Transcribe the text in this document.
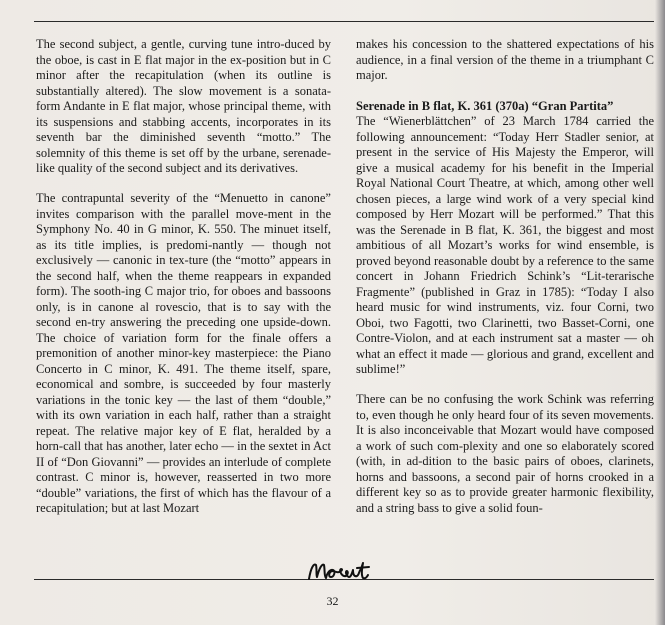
The second subject, a gentle, curving tune intro-duced by the oboe, is cast in E flat major in the ex-position but in C minor after the recapitulation (when its outline is substantially altered). The slow movement is a sonata-form Andante in E flat major, whose principal theme, with its suspensions and stabbing accents, incorporates in its seventh bar the diminished seventh “motto.” The solemnity of this theme is set off by the urbane, serenade-like quality of the second subject and its derivatives.

The contrapuntal severity of the “Menuetto in canone” invites comparison with the parallel move-ment in the Symphony No. 40 in G minor, K. 550. The minuet itself, as its title implies, is predomi-nantly — though not exclusively — canonic in tex-ture (the “motto” appears in the second half, when the theme reappears in expanded form). The sooth-ing C major trio, for oboes and bassoons only, is in canone al rovescio, that is to say with the second en-try answering the preceding one upside-down. The choice of variation form for the finale offers a premonition of another minor-key masterpiece: the Piano Concerto in C minor, K. 491. The theme itself, spare, economical and sombre, is succeeded by four masterly variations in the tonic key — the last of them “double,” with its own variation in each half, rather than a straight repeat. The relative major key of E flat, heralded by a horn-call that has another, later echo — in the sextet in Act II of “Don Giovanni” — provides an interlude of complete contrast. C minor is, however, reasserted in two more “double” variations, the first of which has the flavour of a recapitulation; but at last Mozart

makes his concession to the shattered expectations of his audience, in a final version of the theme in a triumphant C major.

Serenade in B flat, K. 361 (370a) “Gran Partita”

The “Wienerblättchen” of 23 March 1784 carried the following announcement: “Today Herr Stadler senior, at present in the service of His Majesty the Emperor, will give a musical academy for his benefit in the Imperial Royal National Court Theatre, at which, among other well chosen pieces, a large wind work of a very special kind composed by Herr Mozart will be performed.” That this was the Serenade in B flat, K. 361, the biggest and most ambitious of all Mozart’s works for wind ensemble, is proved beyond reasonable doubt by a reference to the same concert in Johann Friedrich Schink’s “Lit-terarische Fragmente” (published in Graz in 1785): “Today I also heard music for wind instruments, viz. four Corni, two Oboi, two Fagotti, two Clarinetti, two Basset-Corni, one Contre-Violon, and at each instrument sat a master — oh what an effect it made — glorious and grand, excellent and sublime!”

There can be no confusing the work Schink was referring to, even though he only heard four of its seven movements. It is also inconceivable that Mozart would have composed a work of such com-plexity and one so elaborately scored (with, in ad-dition to the basic pairs of oboes, clarinets, horns and bassoons, a second pair of horns crooked in a different key so as to provide greater harmonic flexibility, and a string bass to give a solid foun-

32
